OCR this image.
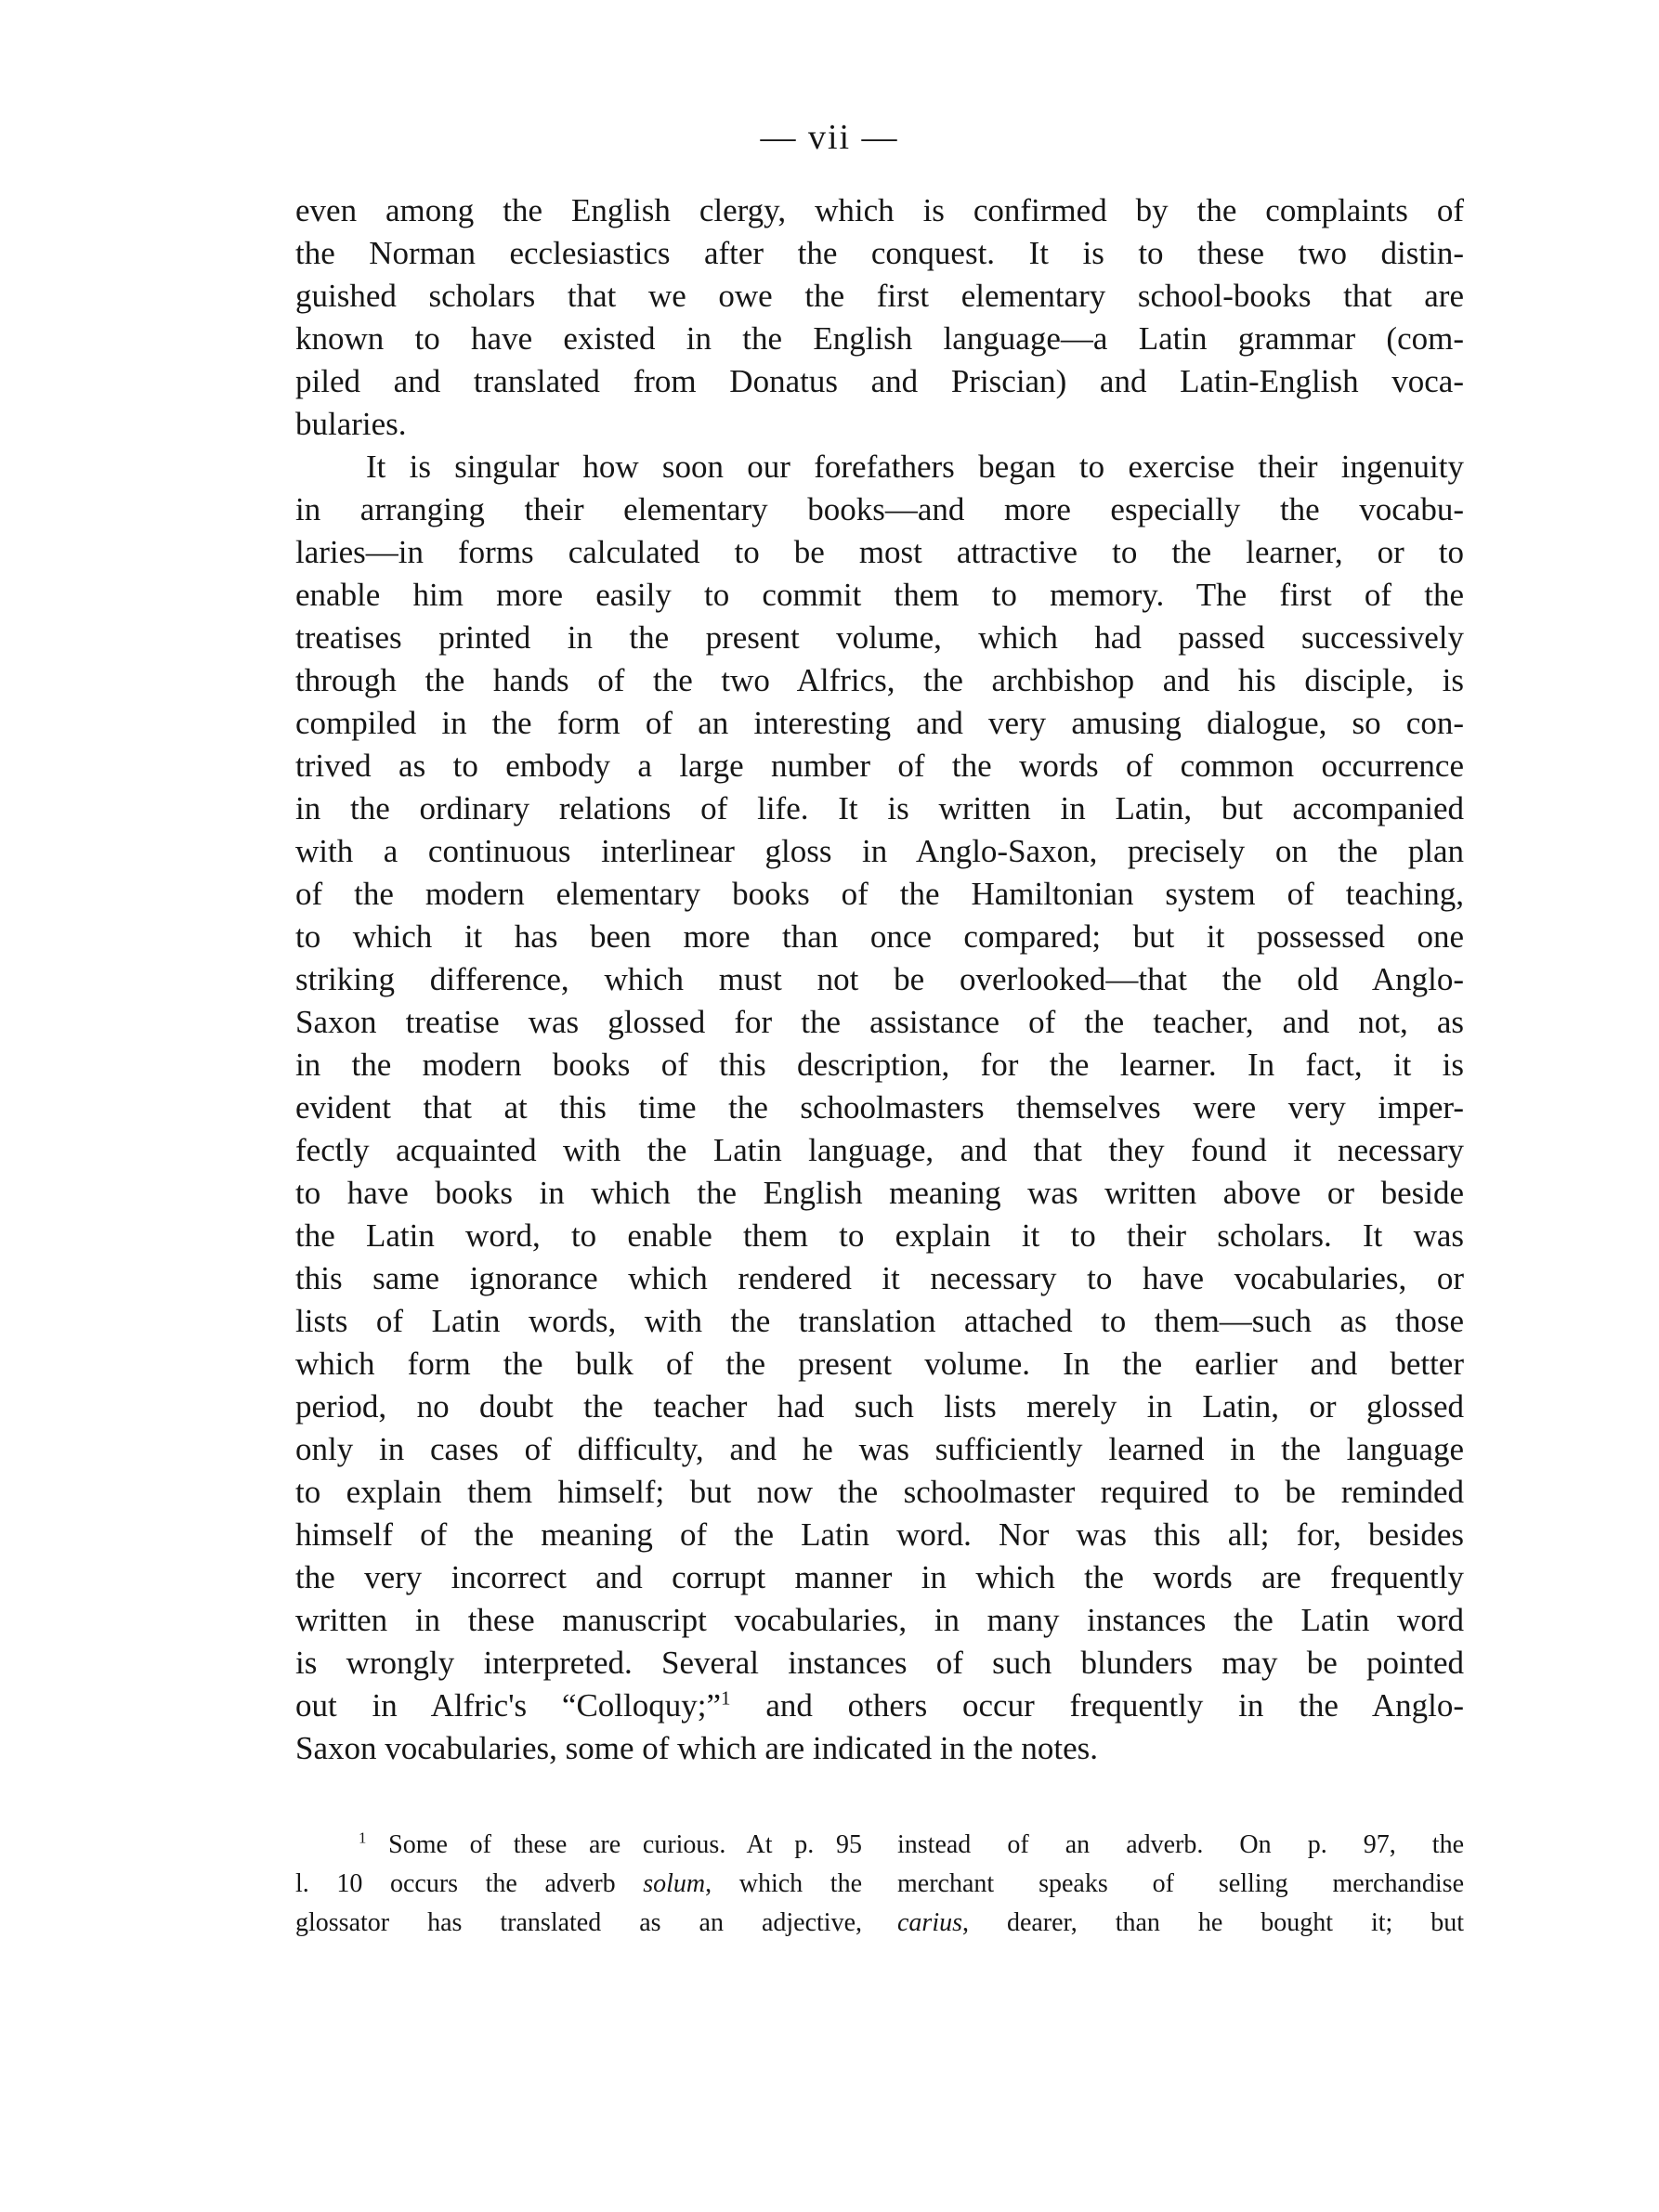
— vii —
even among the English clergy, which is confirmed by the complaints of
the Norman ecclesiastics after the conquest. It is to these two distin-
guished scholars that we owe the first elementary school-books that are
known to have existed in the English language—a Latin grammar (com-
piled and translated from Donatus and Priscian) and Latin-English voca-
bularies.
It is singular how soon our forefathers began to exercise their ingenuity
in arranging their elementary books—and more especially the vocabu-
laries—in forms calculated to be most attractive to the learner, or to
enable him more easily to commit them to memory. The first of the
treatises printed in the present volume, which had passed successively
through the hands of the two Alfrics, the archbishop and his disciple, is
compiled in the form of an interesting and very amusing dialogue, so con-
trived as to embody a large number of the words of common occurrence
in the ordinary relations of life. It is written in Latin, but accompanied
with a continuous interlinear gloss in Anglo-Saxon, precisely on the plan
of the modern elementary books of the Hamiltonian system of teaching,
to which it has been more than once compared; but it possessed one
striking difference, which must not be overlooked—that the old Anglo-
Saxon treatise was glossed for the assistance of the teacher, and not, as
in the modern books of this description, for the learner. In fact, it is
evident that at this time the schoolmasters themselves were very imper-
fectly acquainted with the Latin language, and that they found it necessary
to have books in which the English meaning was written above or beside
the Latin word, to enable them to explain it to their scholars. It was
this same ignorance which rendered it necessary to have vocabularies, or
lists of Latin words, with the translation attached to them—such as those
which form the bulk of the present volume. In the earlier and better
period, no doubt the teacher had such lists merely in Latin, or glossed
only in cases of difficulty, and he was sufficiently learned in the language
to explain them himself; but now the schoolmaster required to be reminded
himself of the meaning of the Latin word. Nor was this all; for, besides
the very incorrect and corrupt manner in which the words are frequently
written in these manuscript vocabularies, in many instances the Latin word
is wrongly interpreted. Several instances of such blunders may be pointed
out in Alfric's “Colloquy;”$^1$ and others occur frequently in the Anglo-
Saxon vocabularies, some of which are indicated in the notes.
$^1$ Some of these are curious. At p. 95
l. 10 occurs the adverb solum, which the
glossator has translated as an adjective,
instead of an adverb. On p. 97, the
merchant speaks of selling merchandise
carius, dearer, than he bought it; but
